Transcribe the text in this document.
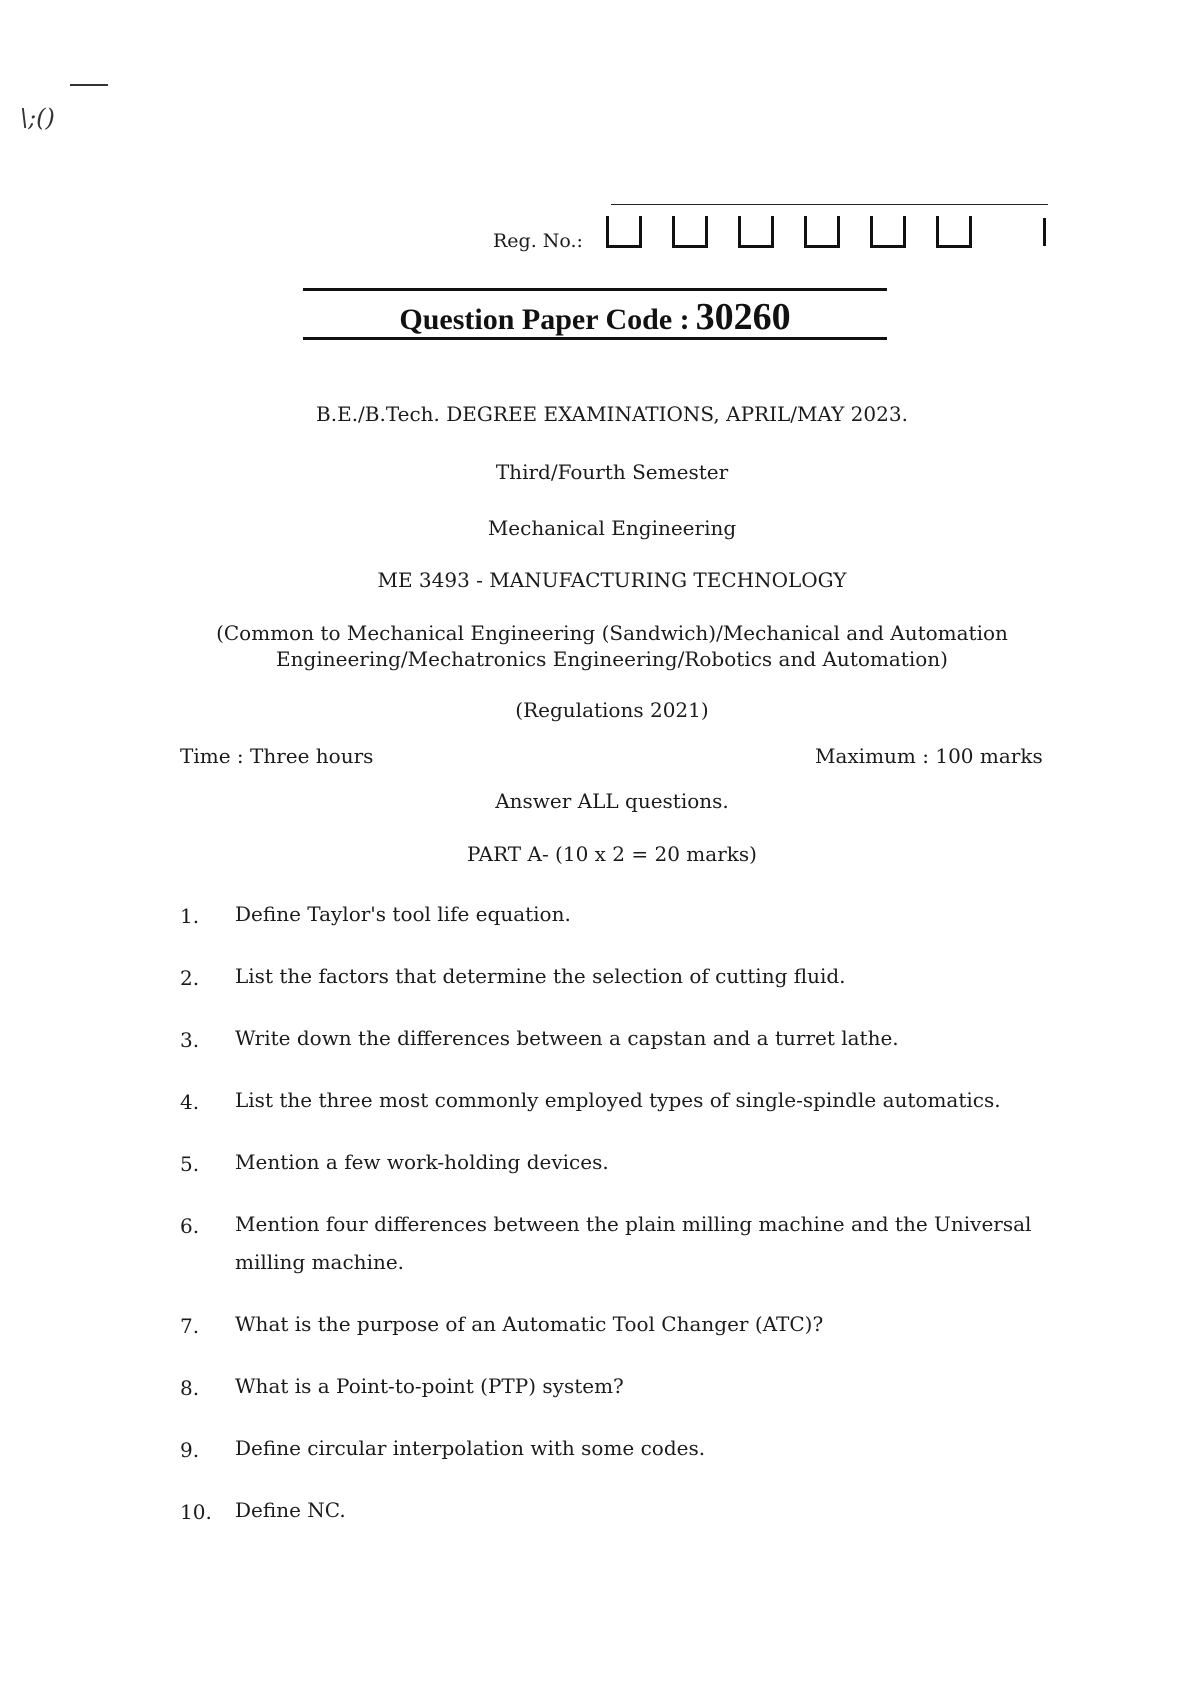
\;()
Reg. No.:
Question Paper Code : 30260
B.E./B.Tech. DEGREE EXAMINATIONS, APRIL/MAY 2023.
Third/Fourth Semester
Mechanical Engineering
ME 3493 - MANUFACTURING TECHNOLOGY
(Common to Mechanical Engineering (Sandwich)/Mechanical and Automation
Engineering/Mechatronics Engineering/Robotics and Automation)
(Regulations 2021)
Time : Three hours	Maximum : 100 marks
Answer ALL questions.
PART A- (10 x 2 = 20 marks)
1. Define Taylor's tool life equation.
2. List the factors that determine the selection of cutting fluid.
3. Write down the differences between a capstan and a turret lathe.
4. List the three most commonly employed types of single-spindle automatics.
5. Mention a few work-holding devices.
6. Mention four differences between the plain milling machine and the Universal milling machine.
7. What is the purpose of an Automatic Tool Changer (ATC)?
8. What is a Point-to-point (PTP) system?
9. Define circular interpolation with some codes.
10. Define NC.
